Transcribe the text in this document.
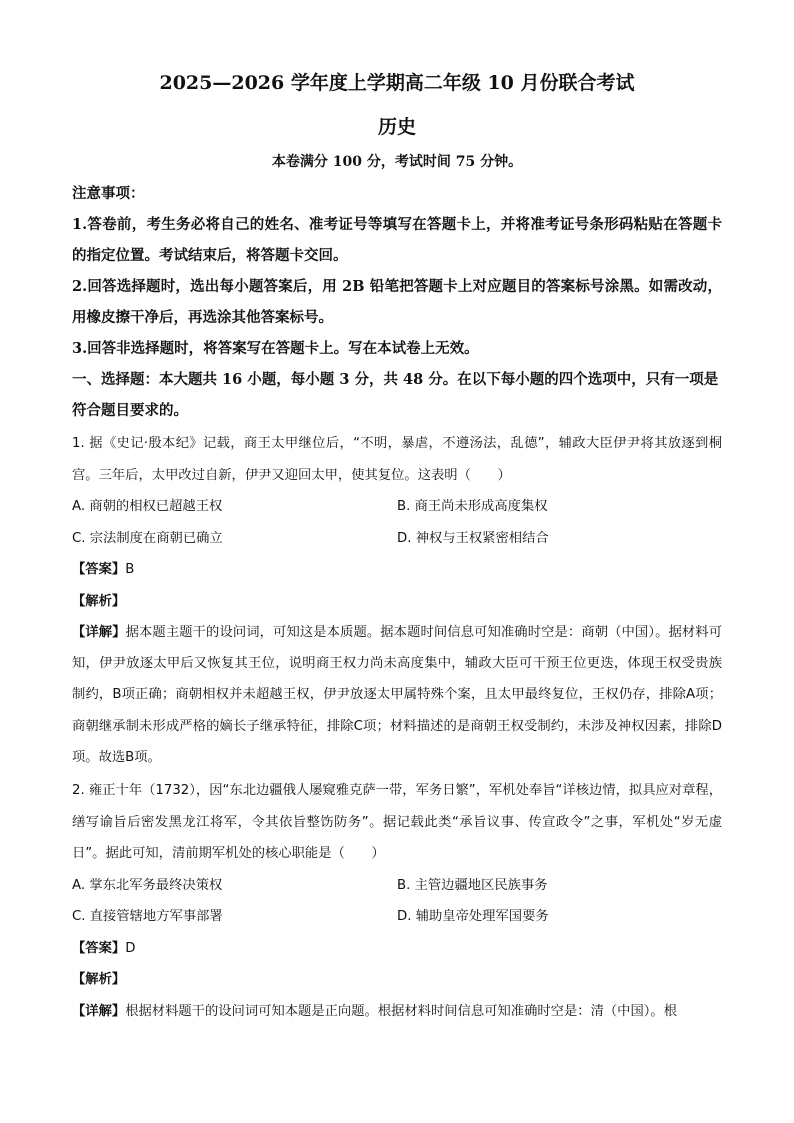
2025—2026 学年度上学期高二年级 10 月份联合考试
历史
本卷满分 100 分，考试时间 75 分钟。

注意事项：

1.答卷前，考生务必将自己的姓名、准考证号等填写在答题卡上，并将准考证号条形码粘贴在答题卡的指定位置。考试结束后，将答题卡交回。

2.回答选择题时，选出每小题答案后，用 2B 铅笔把答题卡上对应题目的答案标号涂黑。如需改动，用橡皮擦干净后，再选涂其他答案标号。

3.回答非选择题时，将答案写在答题卡上。写在本试卷上无效。

一、选择题：本大题共 16 小题，每小题 3 分，共 48 分。在以下每小题的四个选项中，只有一项是符合题目要求的。

1. 据《史记·殷本纪》记载，商王太甲继位后，“不明，暴虐，不遵汤法，乱德”，辅政大臣伊尹将其放逐到桐宫。三年后，太甲改过自新，伊尹又迎回太甲，使其复位。这表明（　　）

A. 商朝的相权已超越王权	B. 商王尚未形成高度集权
C. 宗法制度在商朝已确立	D. 神权与王权紧密相结合

【答案】B

【解析】

【详解】据本题主题干的设问词，可知这是本质题。据本题时间信息可知准确时空是：商朝（中国）。据材料可知，伊尹放逐太甲后又恢复其王位，说明商王权力尚未高度集中，辅政大臣可干预王位更迭，体现王权受贵族制约，B项正确；商朝相权并未超越王权，伊尹放逐太甲属特殊个案，且太甲最终复位，王权仍存，排除A项；商朝继承制未形成严格的嫡长子继承特征，排除C项；材料描述的是商朝王权受制约，未涉及神权因素，排除D项。故选B项。

2. 雍正十年（1732），因“东北边疆俄人屡窥雅克萨一带，军务日繁”，军机处奉旨“详核边情，拟具应对章程，缮写谕旨后密发黑龙江将军，令其依旨整饬防务”。据记载此类“承旨议事、传宣政令”之事，军机处“岁无虚日”。据此可知，清前期军机处的核心职能是（　　）

A. 掌东北军务最终决策权	B. 主管边疆地区民族事务
C. 直接管辖地方军事部署	D. 辅助皇帝处理军国要务

【答案】D

【解析】

【详解】根据材料题干的设问词可知本题是正向题。根据材料时间信息可知准确时空是：清（中国）。根
